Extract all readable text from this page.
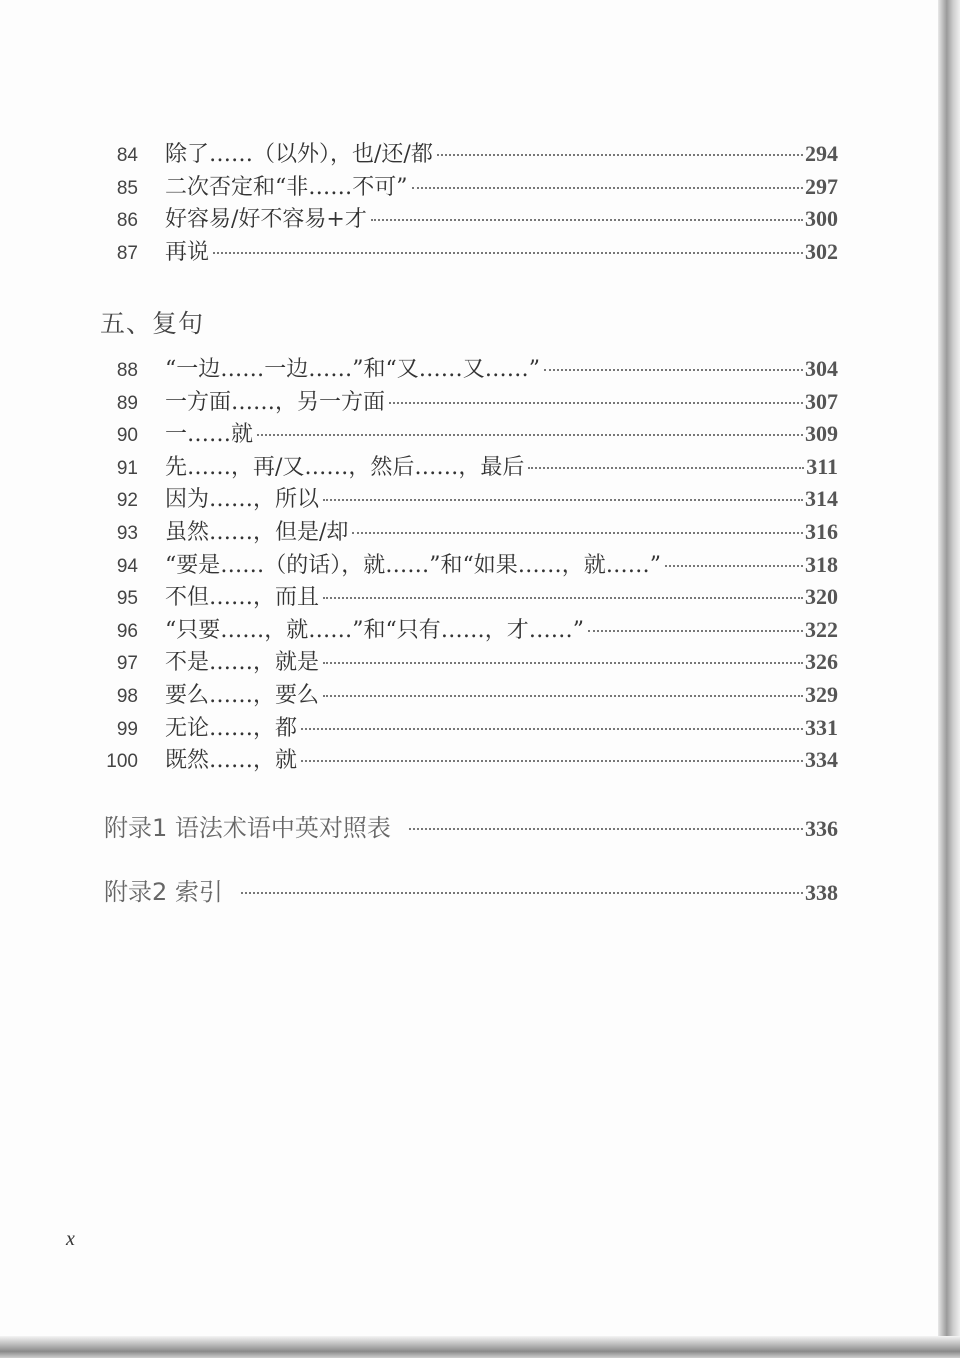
84 除了……（以外），也/还/都	294
85 二次否定和“非……不可”	297
86 好容易/好不容易+才	300
87 再说	302
五、复句
88 “一边……一边……”和“又……又……”	304
89 一方面……，另一方面	307
90 一……就	309
91 先……，再/又……，然后……，最后	311
92 因为……，所以	314
93 虽然……，但是/却	316
94 “要是……（的话），就……”和“如果……，就……”	318
95 不但……，而且	320
96 “只要……，就……”和“只有……，才……”	322
97 不是……，就是	326
98 要么……，要么	329
99 无论……，都	331
100 既然……，就	334
附录1 语法术语中英对照表	336
附录2 索引	338
x
